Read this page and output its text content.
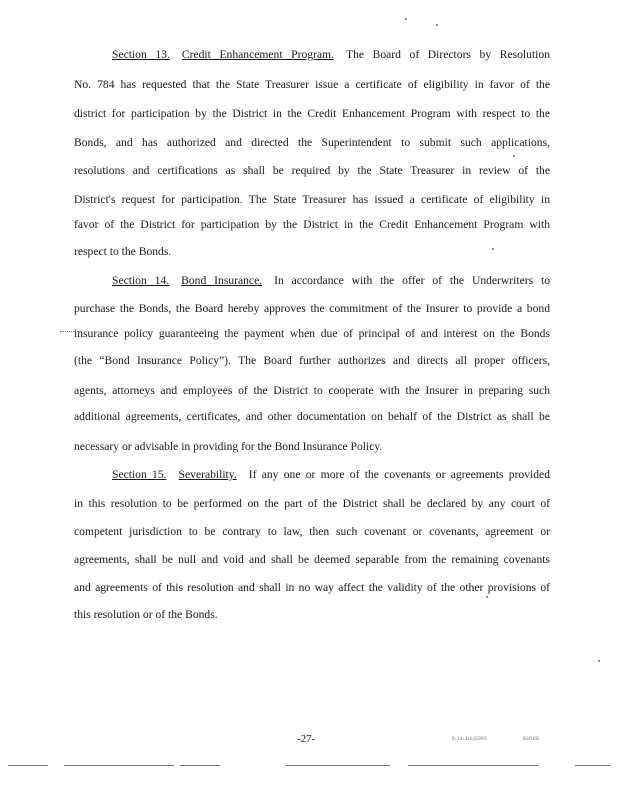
Section 13. Credit Enhancement Program. The Board of Directors by Resolution
No. 784 has requested that the State Treasurer issue a certificate of eligibility in favor of the
district for participation by the District in the Credit Enhancement Program with respect to the
Bonds, and has authorized and directed the Superintendent to submit such applications,
resolutions and certifications as shall be required by the State Treasurer in review of the
District's request for participation. The State Treasurer has issued a certificate of eligibility in
favor of the District for participation by the District in the Credit Enhancement Program with
respect to the Bonds.
Section 14. Bond Insurance. In accordance with the offer of the Underwriters to
purchase the Bonds, the Board hereby approves the commitment of the Insurer to provide a bond
insurance policy guaranteeing the payment when due of principal of and interest on the Bonds
(the “Bond Insurance Policy”). The Board further authorizes and directs all proper officers,
agents, attorneys and employees of the District to cooperate with the Insurer in preparing such
additional agreements, certificates, and other documentation on behalf of the District as shall be
necessary or advisable in providing for the Bond Insurance Policy.
Section 15. Severability. If any one or more of the covenants or agreements provided
in this resolution to be performed on the part of the District shall be declared by any court of
competent jurisdiction to be contrary to law, then such covenant or covenants, agreement or
agreements, shall be null and void and shall be deemed separable from the remaining covenants
and agreements of this resolution and shall in no way affect the validity of the other provisions of
this resolution or of the Bonds.
-27-	9:14:4(b)5093	03/0105
